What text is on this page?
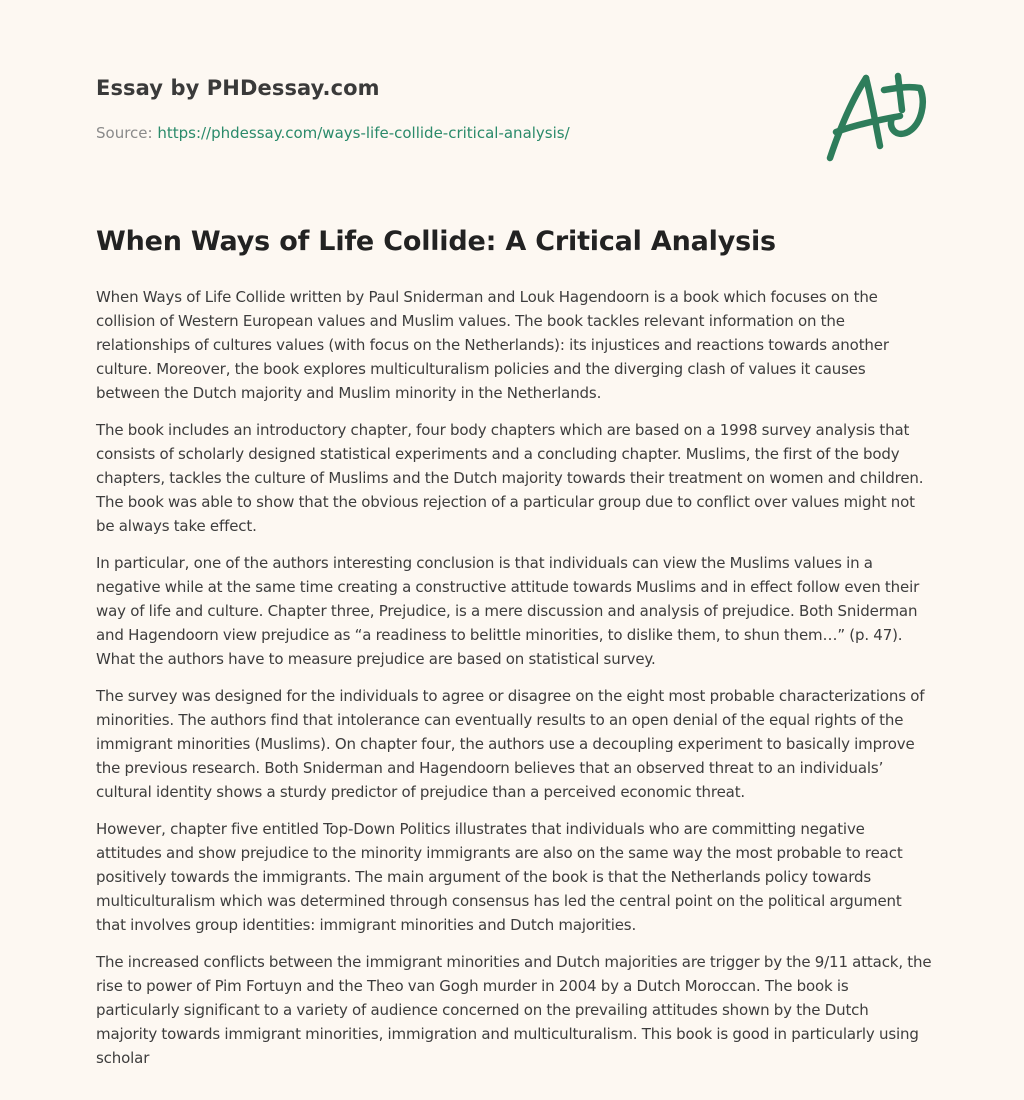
Essay by PHDessay.com
Source: https://phdessay.com/ways-life-collide-critical-analysis/
When Ways of Life Collide: A Critical Analysis

When Ways of Life Collide written by Paul Sniderman and Louk Hagendoorn is a book which focuses on the collision of Western European values and Muslim values. The book tackles relevant information on the relationships of cultures values (with focus on the Netherlands): its injustices and reactions towards another culture. Moreover, the book explores multiculturalism policies and the diverging clash of values it causes between the Dutch majority and Muslim minority in the Netherlands.

The book includes an introductory chapter, four body chapters which are based on a 1998 survey analysis that consists of scholarly designed statistical experiments and a concluding chapter. Muslims, the first of the body chapters, tackles the culture of Muslims and the Dutch majority towards their treatment on women and children. The book was able to show that the obvious rejection of a particular group due to conflict over values might not be always take effect.

In particular, one of the authors interesting conclusion is that individuals can view the Muslims values in a negative while at the same time creating a constructive attitude towards Muslims and in effect follow even their way of life and culture. Chapter three, Prejudice, is a mere discussion and analysis of prejudice. Both Sniderman and Hagendoorn view prejudice as “a readiness to belittle minorities, to dislike them, to shun them…” (p. 47). What the authors have to measure prejudice are based on statistical survey.

The survey was designed for the individuals to agree or disagree on the eight most probable characterizations of minorities. The authors find that intolerance can eventually results to an open denial of the equal rights of the immigrant minorities (Muslims). On chapter four, the authors use a decoupling experiment to basically improve the previous research. Both Sniderman and Hagendoorn believes that an observed threat to an individuals’ cultural identity shows a sturdy predictor of prejudice than a perceived economic threat.

However, chapter five entitled Top-Down Politics illustrates that individuals who are committing negative attitudes and show prejudice to the minority immigrants are also on the same way the most probable to react positively towards the immigrants. The main argument of the book is that the Netherlands policy towards multiculturalism which was determined through consensus has led the central point on the political argument that involves group identities: immigrant minorities and Dutch majorities.

The increased conflicts between the immigrant minorities and Dutch majorities are trigger by the 9/11 attack, the rise to power of Pim Fortuyn and the Theo van Gogh murder in 2004 by a Dutch Moroccan. The book is particularly significant to a variety of audience concerned on the prevailing attitudes shown by the Dutch majority towards immigrant minorities, immigration and multiculturalism. This book is good in particularly using scholar
